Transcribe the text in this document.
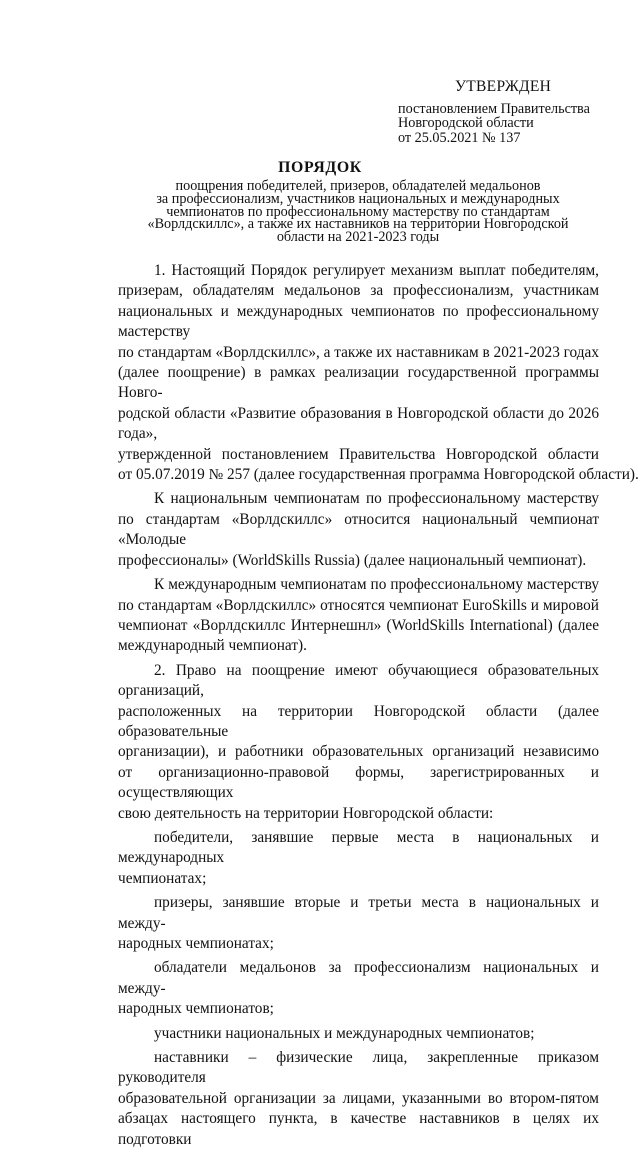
УТВЕРЖДЕН
постановлением Правительства
Новгородской области
от 25.05.2021 № 137
ПОРЯДОК
поощрения победителей, призеров, обладателей медальонов
за профессионализм, участников национальных и международных
чемпионатов по профессиональному мастерству по стандартам
«Ворлдскиллс», а также их наставников на территории Новгородской
области на 2021-2023 годы
1. Настоящий Порядок регулирует механизм выплат победителям,
призерам, обладателям медальонов за профессионализм, участникам
национальных и международных чемпионатов по профессиональному мастерству
по стандартам «Ворлдскиллс», а также их наставникам в 2021-2023 годах
(далее поощрение) в рамках реализации государственной программы Новго-
родской области «Развитие образования в Новгородской области до 2026 года»,
утвержденной постановлением Правительства Новгородской области
от 05.07.2019 № 257 (далее государственная программа Новгородской области).
К национальным чемпионатам по профессиональному мастерству
по стандартам «Ворлдскиллс» относится национальный чемпионат «Молодые
профессионалы» (WorldSkills Russia) (далее национальный чемпионат).
К международным чемпионатам по профессиональному мастерству
по стандартам «Ворлдскиллс» относятся чемпионат EuroSkills и мировой
чемпионат «Ворлдскиллс Интернешнл» (WorldSkills International) (далее
международный чемпионат).
2. Право на поощрение имеют обучающиеся образовательных организаций,
расположенных на территории Новгородской области (далее образовательные
организации), и работники образовательных организаций независимо
от организационно-правовой формы, зарегистрированных и осуществляющих
свою деятельность на территории Новгородской области:
победители, занявшие первые места в национальных и международных
чемпионатах;
призеры, занявшие вторые и третьи места в национальных и между-
народных чемпионатах;
обладатели медальонов за профессионализм национальных и между-
народных чемпионатов;
участники национальных и международных чемпионатов;
наставники – физические лица, закрепленные приказом руководителя
образовательной организации за лицами, указанными во втором-пятом
абзацах настоящего пункта, в качестве наставников в целях их подготовки
